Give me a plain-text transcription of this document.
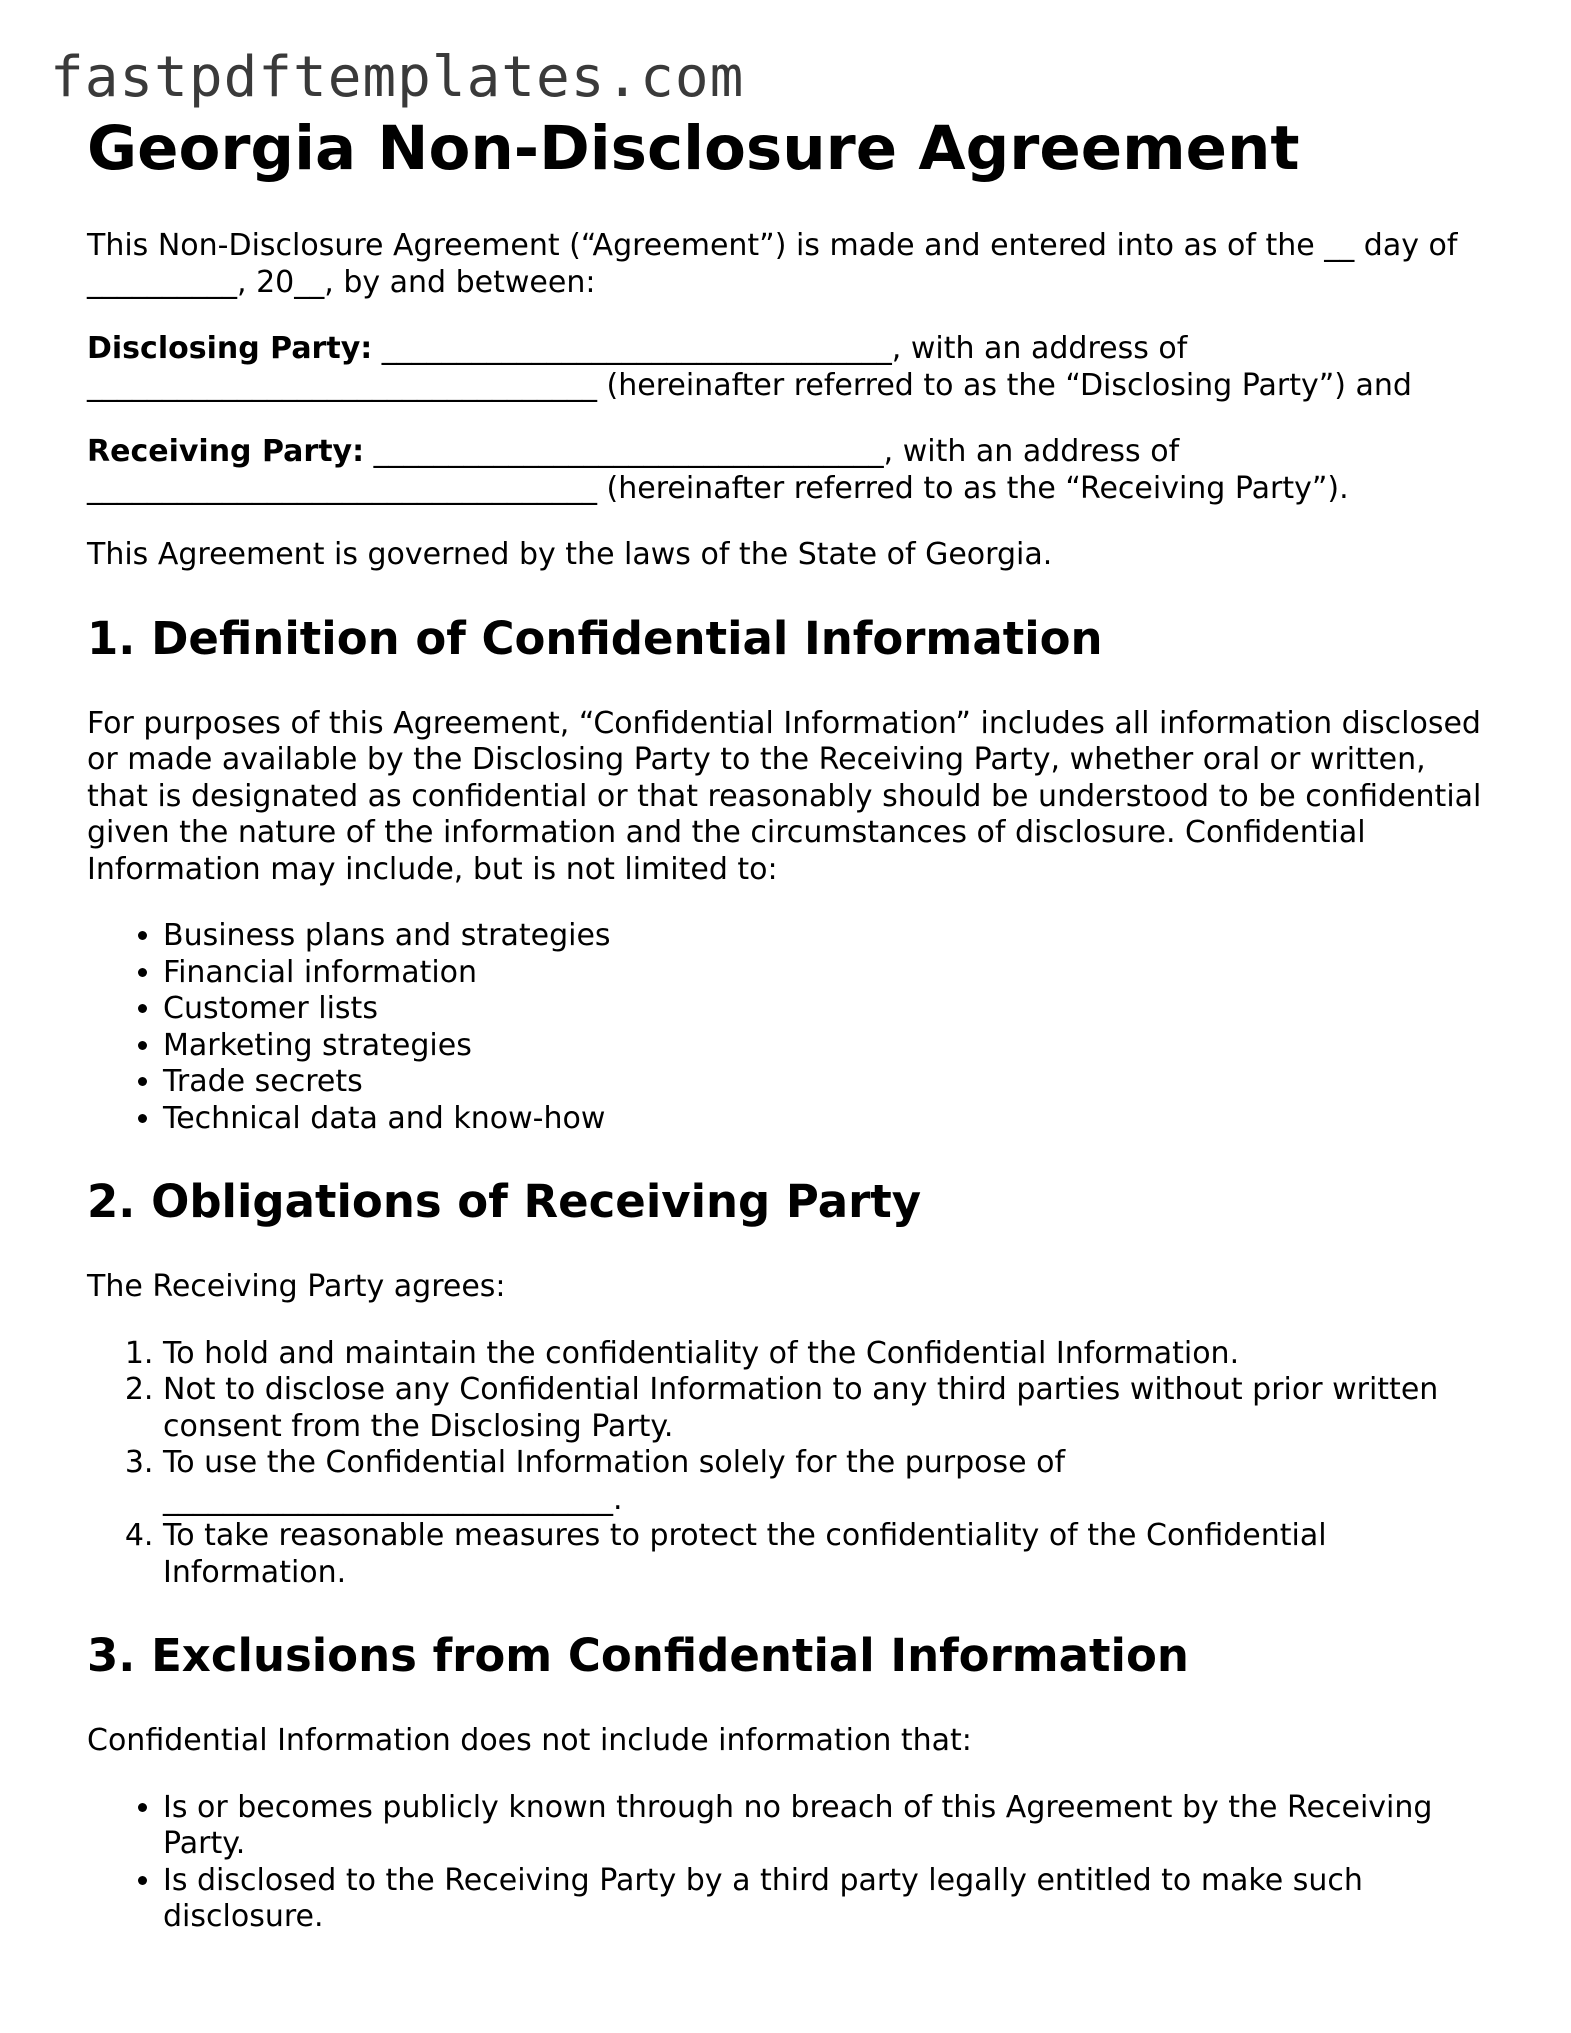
fastpdftemplates.com
Georgia Non-Disclosure Agreement

This Non-Disclosure Agreement (“Agreement”) is made and entered into as of the __ day of __________, 20__, by and between:

Disclosing Party: __________________________________, with an address of __________________________________ (hereinafter referred to as the “Disclosing Party”) and

Receiving Party: __________________________________, with an address of __________________________________ (hereinafter referred to as the “Receiving Party”).

This Agreement is governed by the laws of the State of Georgia.

1. Definition of Confidential Information

For purposes of this Agreement, “Confidential Information” includes all information disclosed or made available by the Disclosing Party to the Receiving Party, whether oral or written, that is designated as confidential or that reasonably should be understood to be confidential given the nature of the information and the circumstances of disclosure. Confidential Information may include, but is not limited to:

• Business plans and strategies
• Financial information
• Customer lists
• Marketing strategies
• Trade secrets
• Technical data and know-how
2. Obligations of Receiving Party

The Receiving Party agrees:

1. To hold and maintain the confidentiality of the Confidential Information.
2. Not to disclose any Confidential Information to any third parties without prior written consent from the Disclosing Party.
3. To use the Confidential Information solely for the purpose of ______________________________.
4. To take reasonable measures to protect the confidentiality of the Confidential Information.
3. Exclusions from Confidential Information

Confidential Information does not include information that:

• Is or becomes publicly known through no breach of this Agreement by the Receiving Party.
• Is disclosed to the Receiving Party by a third party legally entitled to make such disclosure.
